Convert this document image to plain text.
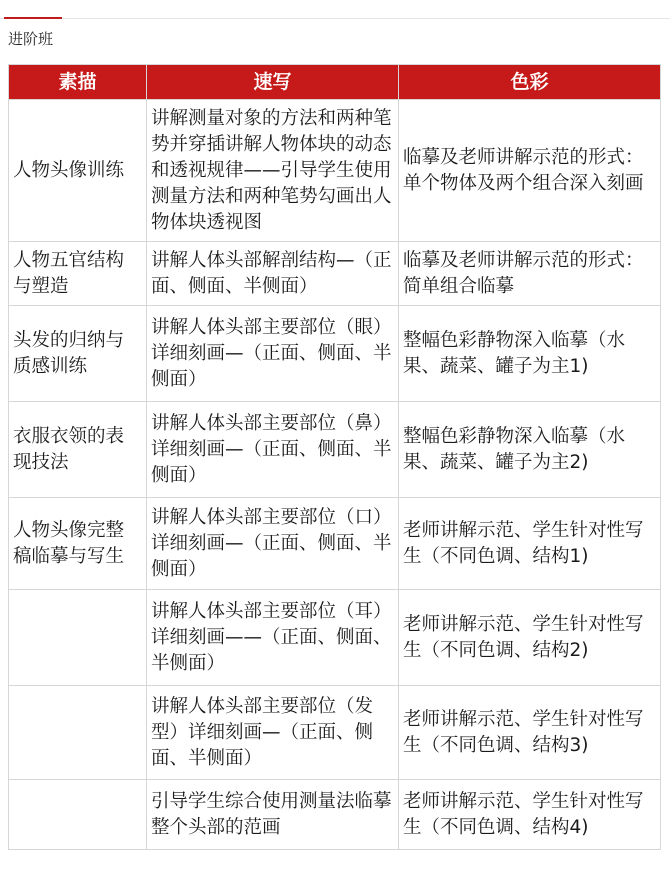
进阶班
素描	速写	色彩
人物头像训练	讲解测量对象的方法和两种笔势并穿插讲解人物体块的动态和透视规律——引导学生使用测量方法和两种笔势勾画出人物体块透视图	临摹及老师讲解示范的形式：单个物体及两个组合深入刻画
人物五官结构与塑造	讲解人体头部解剖结构—（正面、侧面、半侧面）	临摹及老师讲解示范的形式：简单组合临摹
头发的归纳与质感训练	讲解人体头部主要部位（眼）详细刻画—（正面、侧面、半侧面）	整幅色彩静物深入临摹（水果、蔬菜、罐子为主1)
衣服衣领的表现技法	讲解人体头部主要部位（鼻）详细刻画—（正面、侧面、半侧面）	整幅色彩静物深入临摹（水果、蔬菜、罐子为主2)
人物头像完整稿临摹与写生	讲解人体头部主要部位（口）详细刻画—（正面、侧面、半侧面）	老师讲解示范、学生针对性写生（不同色调、结构1)
	讲解人体头部主要部位（耳）详细刻画——（正面、侧面、半侧面）	老师讲解示范、学生针对性写生（不同色调、结构2)
	讲解人体头部主要部位（发型）详细刻画—（正面、侧面、半侧面）	老师讲解示范、学生针对性写生（不同色调、结构3)
	引导学生综合使用测量法临摹整个头部的范画	老师讲解示范、学生针对性写生（不同色调、结构4)
